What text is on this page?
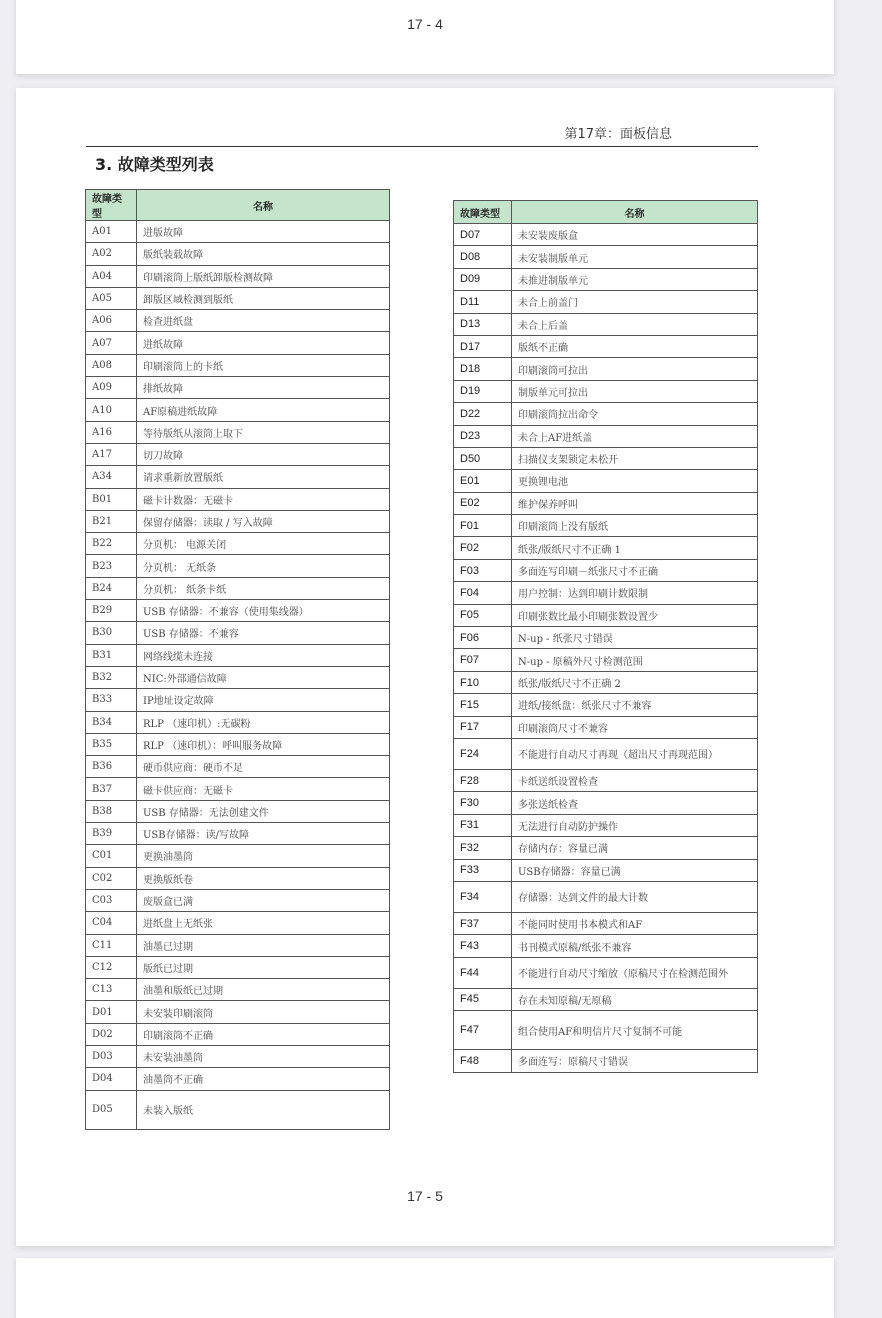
17 - 4
第17章：面板信息
3. 故障类型列表
故障类型	名称
A01	进版故障
A02	版纸装载故障
A04	印刷滚筒上版纸卸版检测故障
A05	卸版区域检测到版纸
A06	检查进纸盘
A07	进纸故障
A08	印刷滚筒上的卡纸
A09	排纸故障
A10	AF原稿进纸故障
A16	等待版纸从滚筒上取下
A17	切刀故障
A34	请求重新放置版纸
B01	磁卡计数器：无磁卡
B21	保留存储器：读取 / 写入故障
B22	分页机： 电源关闭
B23	分页机： 无纸条
B24	分页机： 纸条卡纸
B29	USB 存储器：不兼容（使用集线器）
B30	USB 存储器：不兼容
B31	网络线缆未连接
B32	NIC:外部通信故障
B33	IP地址设定故障
B34	RLP （速印机）:无碳粉
B35	RLP （速印机）：呼叫服务故障
B36	硬币供应商：硬币不足
B37	磁卡供应商：无磁卡
B38	USB 存储器：无法创建文件
B39	USB存储器：读/写故障
C01	更换油墨筒
C02	更换版纸卷
C03	废版盒已满
C04	进纸盘上无纸张
C11	油墨已过期
C12	版纸已过期
C13	油墨和版纸已过期
D01	未安装印刷滚筒
D02	印刷滚筒不正确
D03	未安装油墨筒
D04	油墨筒不正确
D05	未装入版纸
故障类型	名称
D07	未安装废版盒
D08	未安装制版单元
D09	未推进制版单元
D11	未合上前盖门
D13	未合上后盖
D17	版纸不正确
D18	印刷滚筒可拉出
D19	制版单元可拉出
D22	印刷滚筒拉出命令
D23	未合上AF进纸盖
D50	扫描仪支架锁定未松开
E01	更换锂电池
E02	维护保养呼叫
F01	印刷滚筒上没有版纸
F02	纸张/版纸尺寸不正确 1
F03	多面连写印刷－纸张尺寸不正确
F04	用户控制：达到印刷计数限制
F05	印刷张数比最小印刷张数设置少
F06	N-up - 纸张尺寸错误
F07	N-up - 原稿外尺寸检测范围
F10	纸张/版纸尺寸不正确 2
F15	进纸/接纸盘：纸张尺寸不兼容
F17	印刷滚筒尺寸不兼容
F24	不能进行自动尺寸再现（超出尺寸再现范围）
F28	卡纸送纸设置检查
F30	多张送纸检查
F31	无法进行自动防护操作
F32	存储内存：容量已满
F33	USB存储器：容量已满
F34	存储器：达到文件的最大计数
F37	不能同时使用书本模式和AF
F43	书刊模式原稿/纸张不兼容
F44	不能进行自动尺寸缩放（原稿尺寸在检测范围外
F45	存在未知原稿/无原稿
F47	组合使用AF和明信片尺寸复制不可能
F48	多面连写：原稿尺寸错误
17 - 5
